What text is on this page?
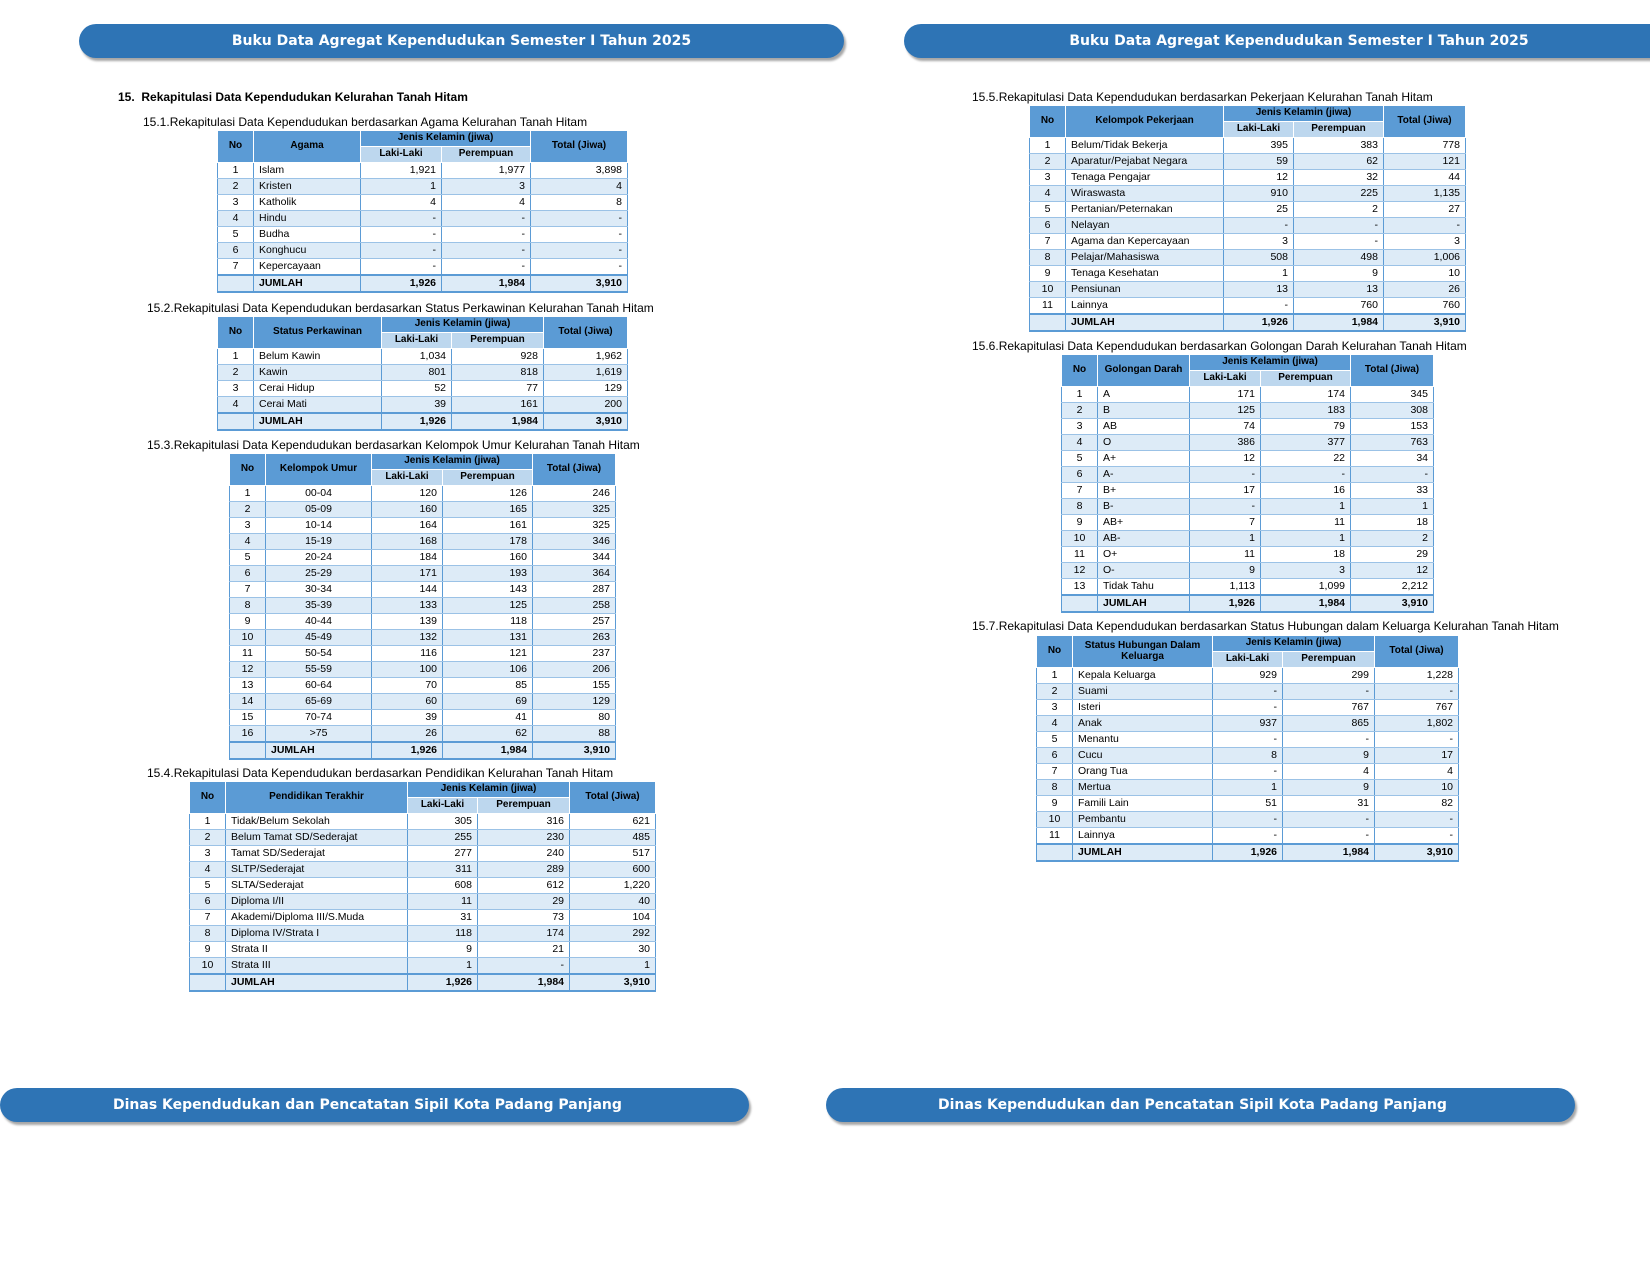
Buku Data Agregat Kependudukan Semester I Tahun 2025	Buku Data Agregat Kependudukan Semester I Tahun 2025
15. Rekapitulasi Data Kependudukan Kelurahan Tanah Hitam
15.1.Rekapitulasi Data Kependudukan berdasarkan Agama Kelurahan Tanah Hitam
15.2.Rekapitulasi Data Kependudukan berdasarkan Status Perkawinan Kelurahan Tanah Hitam
15.3.Rekapitulasi Data Kependudukan berdasarkan Kelompok Umur Kelurahan Tanah Hitam
15.4.Rekapitulasi Data Kependudukan berdasarkan Pendidikan Kelurahan Tanah Hitam
15.5.Rekapitulasi Data Kependudukan berdasarkan Pekerjaan Kelurahan Tanah Hitam
15.6.Rekapitulasi Data Kependudukan berdasarkan Golongan Darah Kelurahan Tanah Hitam
15.7.Rekapitulasi Data Kependudukan berdasarkan Status Hubungan dalam Keluarga Kelurahan Tanah Hitam
No	Agama	Jenis Kelamin (jiwa)		Total (Jiwa)
		Laki-Laki	Perempuan	
1	Islam	1,921	1,977	3,898
2	Kristen	1	3	4
3	Katholik	4	4	8
4	Hindu	-	-	-
5	Budha	-	-	-
6	Konghucu	-	-	-
7	Kepercayaan	-	-	-
	JUMLAH	1,926	1,984	3,910
No	Status Perkawinan	Jenis Kelamin (jiwa)		Total (Jiwa)
		Laki-Laki	Perempuan	
1	Belum Kawin	1,034	928	1,962
2	Kawin	801	818	1,619
3	Cerai Hidup	52	77	129
4	Cerai Mati	39	161	200
	JUMLAH	1,926	1,984	3,910
No	Kelompok Umur	Jenis Kelamin (jiwa)		Total (Jiwa)
		Laki-Laki	Perempuan	
1	00-04	120	126	246
2	05-09	160	165	325
3	10-14	164	161	325
4	15-19	168	178	346
5	20-24	184	160	344
6	25-29	171	193	364
7	30-34	144	143	287
8	35-39	133	125	258
9	40-44	139	118	257
10	45-49	132	131	263
11	50-54	116	121	237
12	55-59	100	106	206
13	60-64	70	85	155
14	65-69	60	69	129
15	70-74	39	41	80
16	>75	26	62	88
	JUMLAH	1,926	1,984	3,910
No	Pendidikan Terakhir	Jenis Kelamin (jiwa)		Total (Jiwa)
		Laki-Laki	Perempuan	
1	Tidak/Belum Sekolah	305	316	621
2	Belum Tamat SD/Sederajat	255	230	485
3	Tamat SD/Sederajat	277	240	517
4	SLTP/Sederajat	311	289	600
5	SLTA/Sederajat	608	612	1,220
6	Diploma I/II	11	29	40
7	Akademi/Diploma III/S.Muda	31	73	104
8	Diploma IV/Strata I	118	174	292
9	Strata II	9	21	30
10	Strata III	1	-	1
	JUMLAH	1,926	1,984	3,910
No	Kelompok Pekerjaan	Jenis Kelamin (jiwa)		Total (Jiwa)
		Laki-Laki	Perempuan	
1	Belum/Tidak Bekerja	395	383	778
2	Aparatur/Pejabat Negara	59	62	121
3	Tenaga Pengajar	12	32	44
4	Wiraswasta	910	225	1,135
5	Pertanian/Peternakan	25	2	27
6	Nelayan	-	-	-
7	Agama dan Kepercayaan	3	-	3
8	Pelajar/Mahasiswa	508	498	1,006
9	Tenaga Kesehatan	1	9	10
10	Pensiunan	13	13	26
11	Lainnya	-	760	760
	JUMLAH	1,926	1,984	3,910
No	Golongan Darah	Jenis Kelamin (jiwa)		Total (Jiwa)
		Laki-Laki	Perempuan	
1	A	171	174	345
2	B	125	183	308
3	AB	74	79	153
4	O	386	377	763
5	A+	12	22	34
6	A-	-	-	-
7	B+	17	16	33
8	B-	-	1	1
9	AB+	7	11	18
10	AB-	1	1	2
11	O+	11	18	29
12	O-	9	3	12
13	Tidak Tahu	1,113	1,099	2,212
	JUMLAH	1,926	1,984	3,910
No	Status Hubungan Dalam Keluarga	Jenis Kelamin (jiwa)		Total (Jiwa)
		Laki-Laki	Perempuan	
1	Kepala Keluarga	929	299	1,228
2	Suami	-	-	-
3	Isteri	-	767	767
4	Anak	937	865	1,802
5	Menantu	-	-	-
6	Cucu	8	9	17
7	Orang Tua	-	4	4
8	Mertua	1	9	10
9	Famili Lain	51	31	82
10	Pembantu	-	-	-
11	Lainnya	-	-	-
	JUMLAH	1,926	1,984	3,910
Dinas Kependudukan dan Pencatatan Sipil Kota Padang Panjang	Dinas Kependudukan dan Pencatatan Sipil Kota Padang Panjang
